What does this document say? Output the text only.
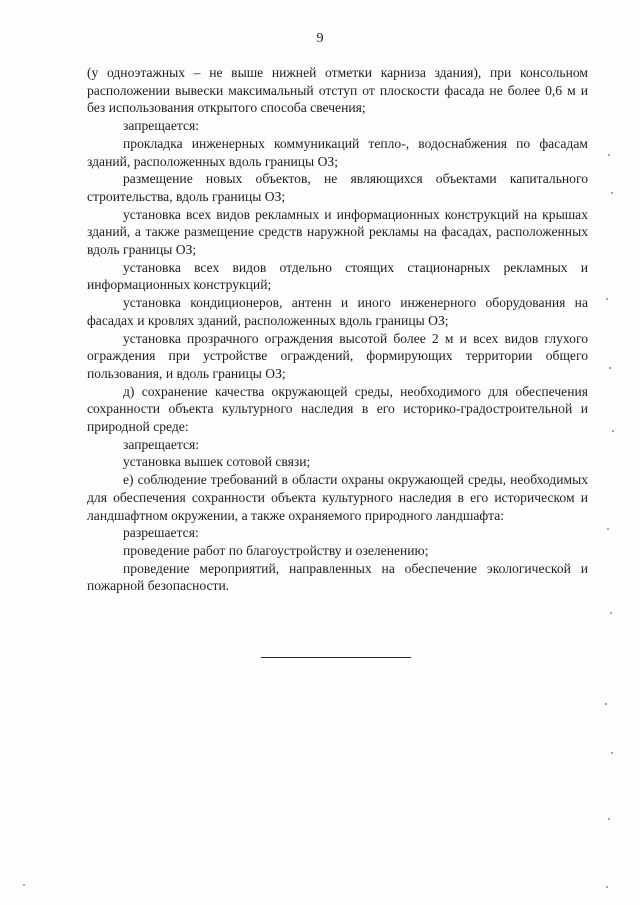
9

(у одноэтажных – не выше нижней отметки карниза здания), при консольном расположении вывески максимальный отступ от плоскости фасада не более 0,6 м и без использования открытого способа свечения;

запрещается:

прокладка инженерных коммуникаций тепло-, водоснабжения по фасадам зданий, расположенных вдоль границы ОЗ;

размещение новых объектов, не являющихся объектами капитального строительства, вдоль границы ОЗ;

установка всех видов рекламных и информационных конструкций на крышах зданий, а также размещение средств наружной рекламы на фасадах, расположенных вдоль границы ОЗ;

установка всех видов отдельно стоящих стационарных рекламных и информационных конструкций;

установка кондиционеров, антенн и иного инженерного оборудования на фасадах и кровлях зданий, расположенных вдоль границы ОЗ;

установка прозрачного ограждения высотой более 2 м и всех видов глухого ограждения при устройстве ограждений, формирующих территории общего пользования, и вдоль границы ОЗ;

д) сохранение качества окружающей среды, необходимого для обеспечения сохранности объекта культурного наследия в его историко-градостроительной и природной среде:

запрещается:

установка вышек сотовой связи;

е) соблюдение требований в области охраны окружающей среды, необходимых для обеспечения сохранности объекта культурного наследия в его историческом и ландшафтном окружении, а также охраняемого природного ландшафта:

разрешается:

проведение работ по благоустройству и озеленению;

проведение мероприятий, направленных на обеспечение экологической и пожарной безопасности.
